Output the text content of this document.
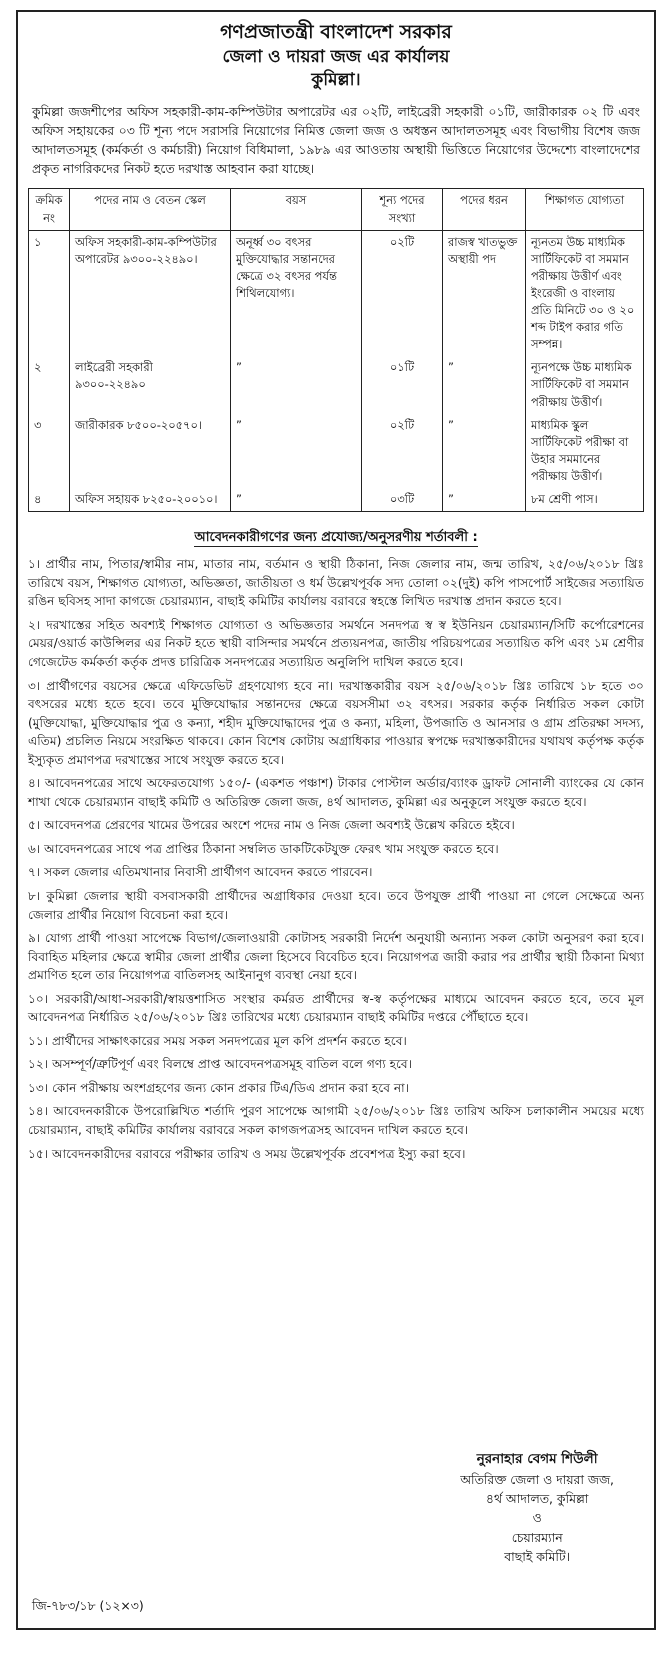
গণপ্রজাতন্ত্রী বাংলাদেশ সরকার
জেলা ও দায়রা জজ এর কার্যালয়
কুমিল্লা।

কুমিল্লা জজশীপের অফিস সহকারী-কাম-কম্পিউটার অপারেটর এর ০২টি, লাইব্রেরী সহকারী ০১টি, জারীকারক ০২ টি এবং অফিস সহায়কের ০৩ টি শূন্য পদে সরাসরি নিয়োগের নিমিত্ত জেলা জজ ও অধস্তন আদালতসমূহ এবং বিভাগীয় বিশেষ জজ আদালতসমূহ (কর্মকর্তা ও কর্মচারী) নিয়োগ বিধিমালা, ১৯৮৯ এর আওতায় অস্থায়ী ভিত্তিতে নিয়োগের উদ্দেশ্যে বাংলাদেশের প্রকৃত নাগরিকদের নিকট হতে দরখাস্ত আহবান করা যাচ্ছে।

ক্রমিক নং	পদের নাম ও বেতন স্কেল	বয়স	শূন্য পদের সংখ্যা	পদের ধরন	শিক্ষাগত যোগ্যতা
১	অফিস সহকারী-কাম-কম্পিউটার অপারেটর ৯৩০০-২২৪৯০।	অনূর্ধ্ব ৩০ বৎসর মুক্তিযোদ্ধার সন্তানদের ক্ষেত্রে ৩২ বৎসর পর্যন্ত শিথিলযোগ্য।	০২টি	রাজস্ব খাতভুক্ত অস্থায়ী পদ	ন্যূনতম উচ্চ মাধ্যমিক সার্টিফিকেট বা সমমান পরীক্ষায় উত্তীর্ণ এবং ইংরেজী ও বাংলায় প্রতি মিনিটে ৩০ ও ২০ শব্দ টাইপ করার গতি সম্পন্ন।
২	লাইব্রেরী সহকারী ৯৩০০-২২৪৯০	”	০১টি	”	ন্যূনপক্ষে উচ্চ মাধ্যমিক সার্টিফিকেট বা সমমান পরীক্ষায় উত্তীর্ণ।
৩	জারীকারক ৮৫০০-২০৫৭০।	”	০২টি	”	মাধ্যমিক স্কুল সার্টিফিকেট পরীক্ষা বা উহার সমমানের পরীক্ষায় উত্তীর্ণ।
৪	অফিস সহায়ক ৮২৫০-২০০১০।	”	০৩টি	”	৮ম শ্রেণী পাস।
আবেদনকারীগণের জন্য প্রযোজ্য/অনুসরণীয় শর্তাবলী :
১। প্রার্থীর নাম, পিতার/স্বামীর নাম, মাতার নাম, বর্তমান ও স্থায়ী ঠিকানা, নিজ জেলার নাম, জন্ম তারিখ, ২৫/০৬/২০১৮ খ্রিঃ তারিখে বয়স, শিক্ষাগত যোগ্যতা, অভিজ্ঞতা, জাতীয়তা ও ধর্ম উল্লেখপূর্বক সদ্য তোলা ০২(দুই) কপি পাসপোর্ট সাইজের সত্যায়িত রঙিন ছবিসহ সাদা কাগজে চেয়ারম্যান, বাছাই কমিটির কার্যালয় বরাবরে স্বহস্তে লিখিত দরখাস্ত প্রদান করতে হবে।
২। দরখাস্তের সহিত অবশ্যই শিক্ষাগত যোগ্যতা ও অভিজ্ঞতার সমর্থনে সনদপত্র স্ব স্ব ইউনিয়ন চেয়ারম্যান/সিটি কর্পোরেশনের মেয়র/ওয়ার্ড কাউন্সিলর এর নিকট হতে স্থায়ী বাসিন্দার সমর্থনে প্রত্যয়নপত্র, জাতীয় পরিচয়পত্রের সত্যায়িত কপি এবং ১ম শ্রেণীর গেজেটেড কর্মকর্তা কর্তৃক প্রদত্ত চারিত্রিক সনদপত্রের সত্যায়িত অনুলিপি দাখিল করতে হবে।
৩। প্রার্থীগণের বয়সের ক্ষেত্রে এফিডেভিট গ্রহণযোগ্য হবে না। দরখাস্তকারীর বয়স ২৫/০৬/২০১৮ খ্রিঃ তারিখে ১৮ হতে ৩০ বৎসরের মধ্যে হতে হবে। তবে মুক্তিযোদ্ধার সন্তানদের ক্ষেত্রে বয়সসীমা ৩২ বৎসর। সরকার কর্তৃক নির্ধারিত সকল কোটা (মুক্তিযোদ্ধা, মুক্তিযোদ্ধার পুত্র ও কন্যা, শহীদ মুক্তিযোদ্ধাদের পুত্র ও কন্যা, মহিলা, উপজাতি ও আনসার ও গ্রাম প্রতিরক্ষা সদস্য, এতিম) প্রচলিত নিয়মে সংরক্ষিত থাকবে। কোন বিশেষ কোটায় অগ্রাধিকার পাওয়ার স্বপক্ষে দরখাস্তকারীদের যথাযথ কর্তৃপক্ষ কর্তৃক ইস্যুকৃত প্রমাণপত্র দরখাস্তের সাথে সংযুক্ত করতে হবে।
৪। আবেদনপত্রের সাথে অফেরতযোগ্য ১৫০/- (একশত পঞ্চাশ) টাকার পোস্টাল অর্ডার/ব্যাংক ড্রাফট সোনালী ব্যাংকের যে কোন শাখা থেকে চেয়ারম্যান বাছাই কমিটি ও অতিরিক্ত জেলা জজ, ৪র্থ আদালত, কুমিল্লা এর অনুকূলে সংযুক্ত করতে হবে।
৫। আবেদনপত্র প্রেরণের খামের উপরের অংশে পদের নাম ও নিজ জেলা অবশ্যই উল্লেখ করিতে হইবে।
৬। আবেদনপত্রের সাথে পত্র প্রাপ্তির ঠিকানা সম্বলিত ডাকটিকেটযুক্ত ফেরৎ খাম সংযুক্ত করতে হবে।
৭। সকল জেলার এতিমখানার নিবাসী প্রার্থীগণ আবেদন করতে পারবেন।
৮। কুমিল্লা জেলার স্থায়ী বসবাসকারী প্রার্থীদের অগ্রাধিকার দেওয়া হবে। তবে উপযুক্ত প্রার্থী পাওয়া না গেলে সেক্ষেত্রে অন্য জেলার প্রার্থীর নিয়োগ বিবেচনা করা হবে।
৯। যোগ্য প্রার্থী পাওয়া সাপেক্ষে বিভাগ/জেলাওয়ারী কোটাসহ সরকারী নির্দেশ অনুযায়ী অন্যান্য সকল কোটা অনুসরণ করা হবে। বিবাহিত মহিলার ক্ষেত্রে স্বামীর জেলা প্রার্থীর জেলা হিসেবে বিবেচিত হবে। নিয়োগপত্র জারী করার পর প্রার্থীর স্থায়ী ঠিকানা মিথ্যা প্রমাণিত হলে তার নিয়োগপত্র বাতিলসহ আইনানুগ ব্যবস্থা নেয়া হবে।
১০। সরকারী/আধা-সরকারী/স্বায়ত্তশাসিত সংস্থার কর্মরত প্রার্থীদের স্ব-স্ব কর্তৃপক্ষের মাধ্যমে আবেদন করতে হবে, তবে মূল আবেদনপত্র নির্ধারিত ২৫/০৬/২০১৮ খ্রিঃ তারিখের মধ্যে চেয়ারম্যান বাছাই কমিটির দপ্তরে পৌঁছাতে হবে।
১১। প্রার্থীদের সাক্ষাৎকারের সময় সকল সনদপত্রের মূল কপি প্রদর্শন করতে হবে।
১২। অসম্পূর্ণ/ত্রুটিপূর্ণ এবং বিলম্বে প্রাপ্ত আবেদনপত্রসমূহ বাতিল বলে গণ্য হবে।
১৩। কোন পরীক্ষায় অংশগ্রহণের জন্য কোন প্রকার টিএ/ডিএ প্রদান করা হবে না।
১৪। আবেদনকারীকে উপরোল্লিখিত শর্তাদি পুরণ সাপেক্ষে আগামী ২৫/০৬/২০১৮ খ্রিঃ তারিখ অফিস চলাকালীন সময়ের মধ্যে চেয়ারম্যান, বাছাই কমিটির কার্যালয় বরাবরে সকল কাগজপত্রসহ আবেদন দাখিল করতে হবে।
১৫। আবেদনকারীদের বরাবরে পরীক্ষার তারিখ ও সময় উল্লেখপূর্বক প্রবেশপত্র ইস্যু করা হবে।
নুরনাহার বেগম শিউলী
অতিরিক্ত জেলা ও দায়রা জজ,
৪র্থ আদালত, কুমিল্লা
ও
চেয়ারম্যান
বাছাই কমিটি।
জি-৭৮৩/১৮ (১২×৩)
